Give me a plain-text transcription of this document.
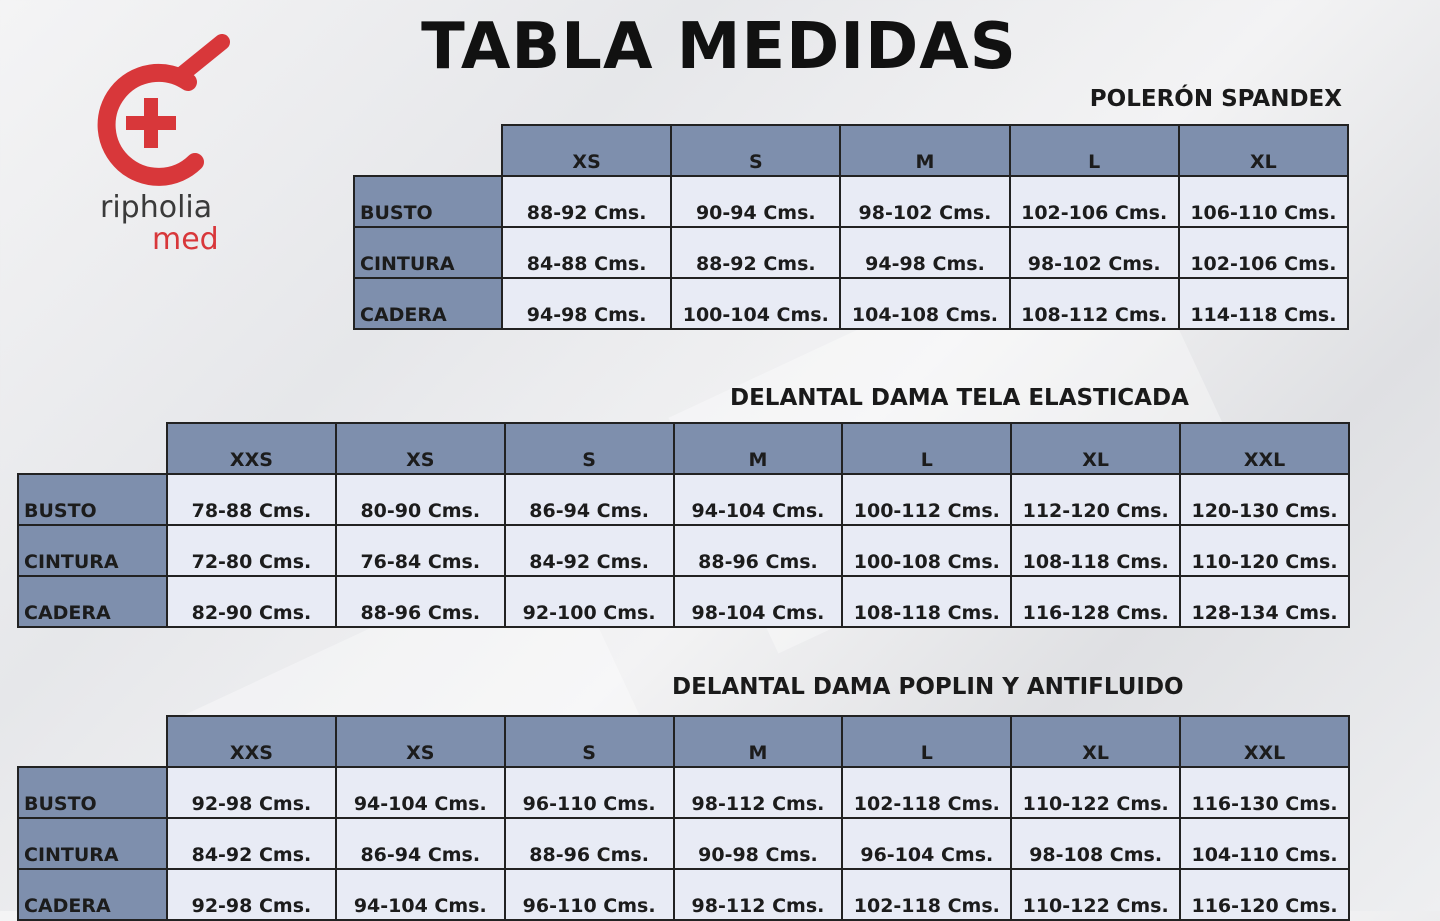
ripholia
med
TABLA MEDIDAS
POLERÓN SPANDEX
	XS	S	M	L	XL
BUSTO	88-92 Cms.	90-94 Cms.	98-102 Cms.	102-106 Cms.	106-110 Cms.
CINTURA	84-88 Cms.	88-92 Cms.	94-98 Cms.	98-102 Cms.	102-106 Cms.
CADERA	94-98 Cms.	100-104 Cms.	104-108 Cms.	108-112 Cms.	114-118 Cms.
DELANTAL DAMA TELA ELASTICADA
	XXS	XS	S	M	L	XL	XXL
BUSTO	78-88 Cms.	80-90 Cms.	86-94 Cms.	94-104 Cms.	100-112 Cms.	112-120 Cms.	120-130 Cms.
CINTURA	72-80 Cms.	76-84 Cms.	84-92 Cms.	88-96 Cms.	100-108 Cms.	108-118 Cms.	110-120 Cms.
CADERA	82-90 Cms.	88-96 Cms.	92-100 Cms.	98-104 Cms.	108-118 Cms.	116-128 Cms.	128-134 Cms.
DELANTAL DAMA POPLIN Y ANTIFLUIDO
	XXS	XS	S	M	L	XL	XXL
BUSTO	92-98 Cms.	94-104 Cms.	96-110 Cms.	98-112 Cms.	102-118 Cms.	110-122 Cms.	116-130 Cms.
CINTURA	84-92 Cms.	86-94 Cms.	88-96 Cms.	90-98 Cms.	96-104 Cms.	98-108 Cms.	104-110 Cms.
CADERA	92-98 Cms.	94-104 Cms.	96-110 Cms.	98-112 Cms.	102-118 Cms.	110-122 Cms.	116-120 Cms.
